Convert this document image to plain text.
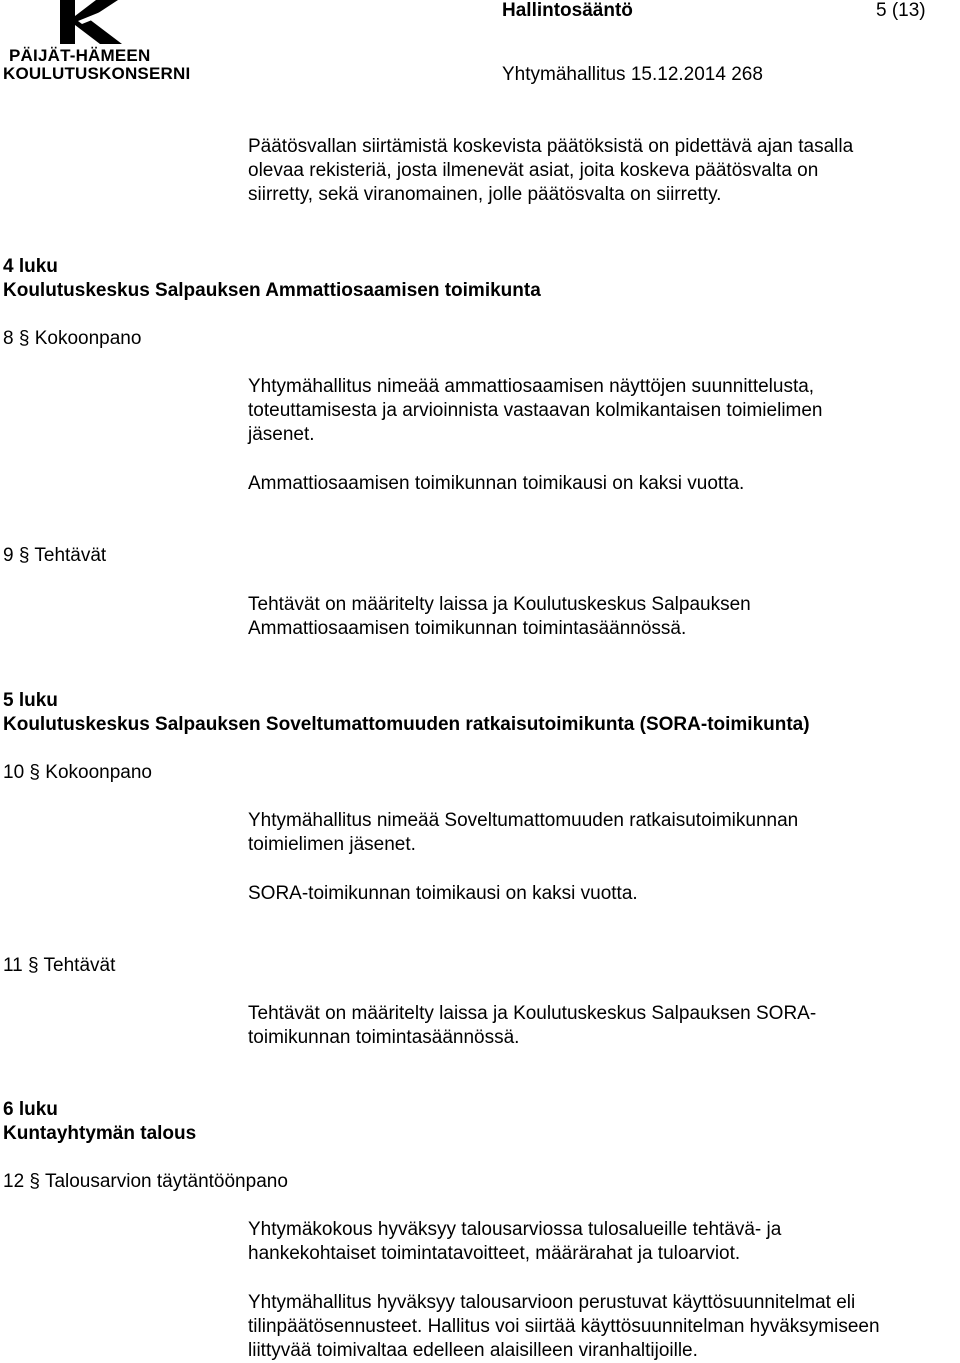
PÄIJÄT-HÄMEEN
KOULUTUSKONSERNI
Hallintosääntö	5 (13)
Yhtymähallitus 15.12.2014 268
Päätösvallan siirtämistä koskevista päätöksistä on pidettävä ajan tasalla
olevaa rekisteriä, josta ilmenevät asiat, joita koskeva päätösvalta on
siirretty, sekä viranomainen, jolle päätösvalta on siirretty.
4 luku
Koulutuskeskus Salpauksen Ammattiosaamisen toimikunta
8 § Kokoonpano
Yhtymähallitus nimeää ammattiosaamisen näyttöjen suunnittelusta,
toteuttamisesta ja arvioinnista vastaavan kolmikantaisen toimielimen
jäsenet.
Ammattiosaamisen toimikunnan toimikausi on kaksi vuotta.
9 § Tehtävät
Tehtävät on määritelty laissa ja Koulutuskeskus Salpauksen
Ammattiosaamisen toimikunnan toimintasäännössä.
5 luku
Koulutuskeskus Salpauksen Soveltumattomuuden ratkaisutoimikunta (SORA-toimikunta)
10 § Kokoonpano
Yhtymähallitus nimeää Soveltumattomuuden ratkaisutoimikunnan
toimielimen jäsenet.
SORA-toimikunnan toimikausi on kaksi vuotta.
11 § Tehtävät
Tehtävät on määritelty laissa ja Koulutuskeskus Salpauksen SORA-
toimikunnan toimintasäännössä.
6 luku
Kuntayhtymän talous
12 § Talousarvion täytäntöönpano
Yhtymäkokous hyväksyy talousarviossa tulosalueille tehtävä- ja
hankekohtaiset toimintatavoitteet, määrärahat ja tuloarviot.
Yhtymähallitus hyväksyy talousarvioon perustuvat käyttösuunnitelmat eli
tilinpäätösennusteet. Hallitus voi siirtää käyttösuunnitelman hyväksymiseen
liittyvää toimivaltaa edelleen alaisilleen viranhaltijoille.
